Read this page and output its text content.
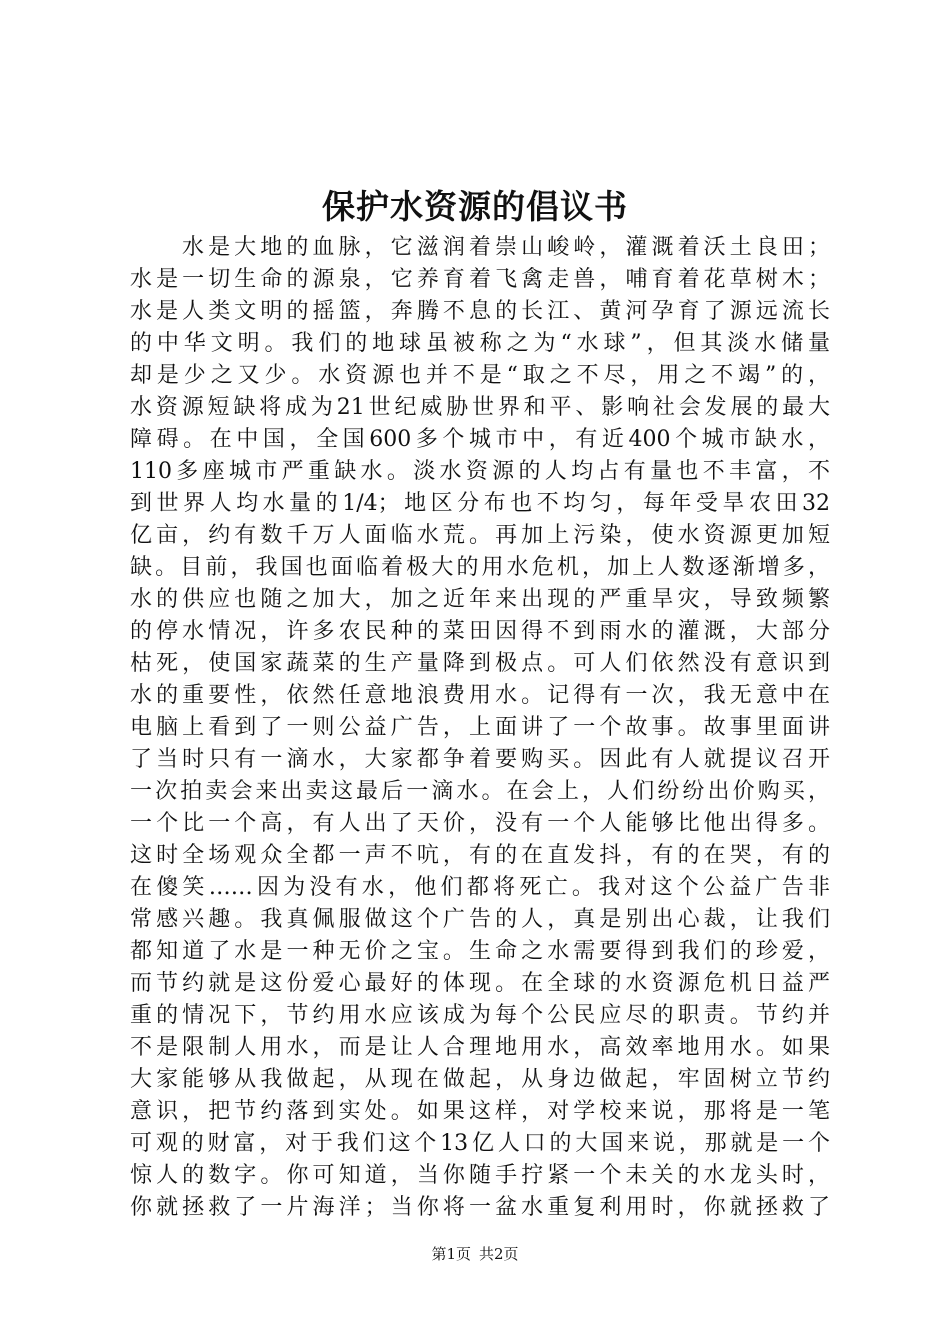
保护水资源的倡议书
水是大地的血脉，它滋润着崇山峻岭，灌溉着沃土良田；
水是一切生命的源泉，它养育着飞禽走兽，哺育着花草树木；
水是人类文明的摇篮，奔腾不息的长江、黄河孕育了源远流长
的中华文明。我们的地球虽被称之为“水球”，但其淡水储量
却是少之又少。水资源也并不是“取之不尽，用之不竭”的，
水资源短缺将成为21世纪威胁世界和平、影响社会发展的最大
障碍。在中国，全国600多个城市中，有近400个城市缺水，
110多座城市严重缺水。淡水资源的人均占有量也不丰富，不
到世界人均水量的1/4；地区分布也不均匀，每年受旱农田32
亿亩，约有数千万人面临水荒。再加上污染，使水资源更加短
缺。目前，我国也面临着极大的用水危机，加上人数逐渐增多，
水的供应也随之加大，加之近年来出现的严重旱灾，导致频繁
的停水情况，许多农民种的菜田因得不到雨水的灌溉，大部分
枯死，使国家蔬菜的生产量降到极点。可人们依然没有意识到
水的重要性，依然任意地浪费用水。记得有一次，我无意中在
电脑上看到了一则公益广告，上面讲了一个故事。故事里面讲
了当时只有一滴水，大家都争着要购买。因此有人就提议召开
一次拍卖会来出卖这最后一滴水。在会上，人们纷纷出价购买，
一个比一个高，有人出了天价，没有一个人能够比他出得多。
这时全场观众全都一声不吭，有的在直发抖，有的在哭，有的
在傻笑……因为没有水，他们都将死亡。我对这个公益广告非
常感兴趣。我真佩服做这个广告的人，真是别出心裁，让我们
都知道了水是一种无价之宝。生命之水需要得到我们的珍爱，
而节约就是这份爱心最好的体现。在全球的水资源危机日益严
重的情况下，节约用水应该成为每个公民应尽的职责。节约并
不是限制人用水，而是让人合理地用水，高效率地用水。如果
大家能够从我做起，从现在做起，从身边做起，牢固树立节约
意识，把节约落到实处。如果这样，对学校来说，那将是一笔
可观的财富，对于我们这个13亿人口的大国来说，那就是一个
惊人的数字。你可知道，当你随手拧紧一个未关的水龙头时，
你就拯救了一片海洋；当你将一盆水重复利用时，你就拯救了
第1页 共2页
